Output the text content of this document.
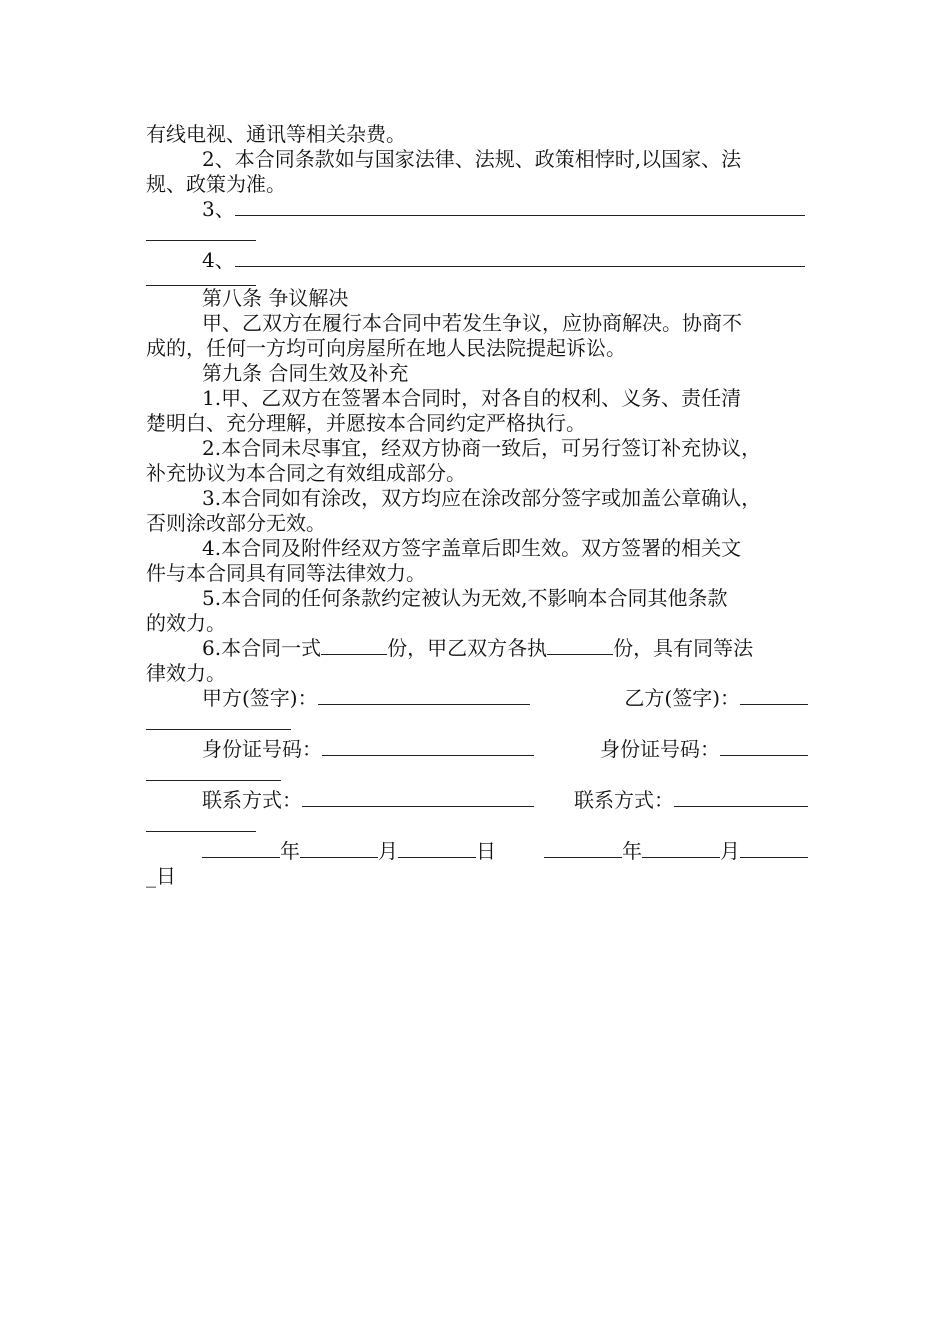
有线电视、通讯等相关杂费。
2、本合同条款如与国家法律、法规、政策相悖时,以国家、法
规、政策为准。
3、
4、
第八条 争议解决
甲、乙双方在履行本合同中若发生争议，应协商解决。协商不
成的，任何一方均可向房屋所在地人民法院提起诉讼。
第九条 合同生效及补充
1.甲、乙双方在签署本合同时，对各自的权利、义务、责任清
楚明白、充分理解，并愿按本合同约定严格执行。
2.本合同未尽事宜，经双方协商一致后，可另行签订补充协议，
补充协议为本合同之有效组成部分。
3.本合同如有涂改，双方均应在涂改部分签字或加盖公章确认，
否则涂改部分无效。
4.本合同及附件经双方签字盖章后即生效。双方签署的相关文
件与本合同具有同等法律效力。
5.本合同的任何条款约定被认为无效,不影响本合同其他条款
的效力。
6.本合同一式	份，甲乙双方各执	份，具有同等法
律效力。
甲方(签字)：	乙方(签字)：
身份证号码：	身份证号码：
联系方式：	联系方式：
年	月	日	年	月
_日
